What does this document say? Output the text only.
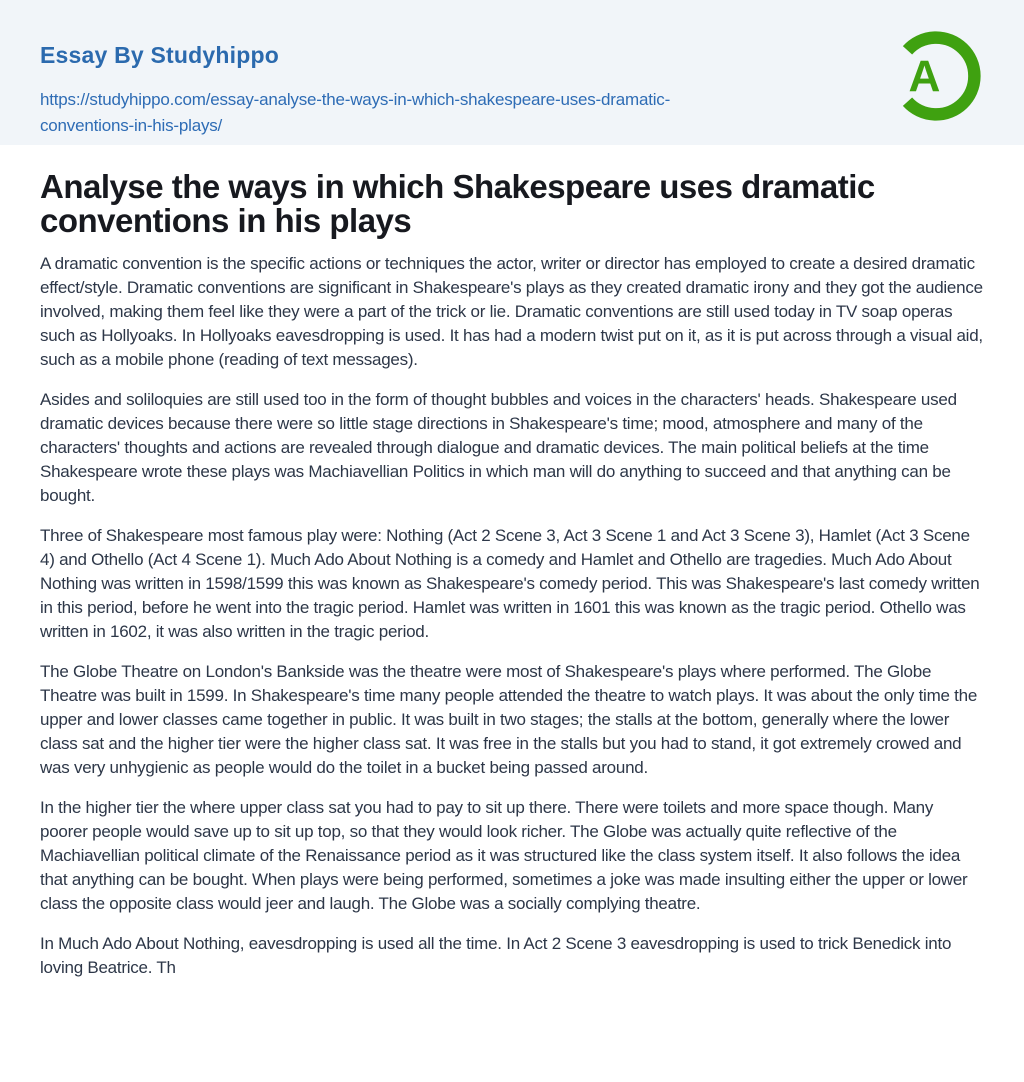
Essay By Studyhippo
https://studyhippo.com/essay-analyse-the-ways-in-which-shakespeare-uses-dramatic-conventions-in-his-plays/
A
Analyse the ways in which Shakespeare uses dramatic conventions in his plays

A dramatic convention is the specific actions or techniques the actor, writer or director has employed to create a desired dramatic effect/style. Dramatic conventions are significant in Shakespeare's plays as they created dramatic irony and they got the audience involved, making them feel like they were a part of the trick or lie. Dramatic conventions are still used today in TV soap operas such as Hollyoaks. In Hollyoaks eavesdropping is used. It has had a modern twist put on it, as it is put across through a visual aid, such as a mobile phone (reading of text messages).

Asides and soliloquies are still used too in the form of thought bubbles and voices in the characters' heads. Shakespeare used dramatic devices because there were so little stage directions in Shakespeare's time; mood, atmosphere and many of the characters' thoughts and actions are revealed through dialogue and dramatic devices. The main political beliefs at the time Shakespeare wrote these plays was Machiavellian Politics in which man will do anything to succeed and that anything can be bought.

Three of Shakespeare most famous play were: Nothing (Act 2 Scene 3, Act 3 Scene 1 and Act 3 Scene 3), Hamlet (Act 3 Scene 4) and Othello (Act 4 Scene 1). Much Ado About Nothing is a comedy and Hamlet and Othello are tragedies. Much Ado About Nothing was written in 1598/1599 this was known as Shakespeare's comedy period. This was Shakespeare's last comedy written in this period, before he went into the tragic period. Hamlet was written in 1601 this was known as the tragic period. Othello was written in 1602, it was also written in the tragic period.

The Globe Theatre on London's Bankside was the theatre were most of Shakespeare's plays where performed. The Globe Theatre was built in 1599. In Shakespeare's time many people attended the theatre to watch plays. It was about the only time the upper and lower classes came together in public. It was built in two stages; the stalls at the bottom, generally where the lower class sat and the higher tier were the higher class sat. It was free in the stalls but you had to stand, it got extremely crowed and was very unhygienic as people would do the toilet in a bucket being passed around.

In the higher tier the where upper class sat you had to pay to sit up there. There were toilets and more space though. Many poorer people would save up to sit up top, so that they would look richer. The Globe was actually quite reflective of the Machiavellian political climate of the Renaissance period as it was structured like the class system itself. It also follows the idea that anything can be bought. When plays were being performed, sometimes a joke was made insulting either the upper or lower class the opposite class would jeer and laugh. The Globe was a socially complying theatre.

In Much Ado About Nothing, eavesdropping is used all the time. In Act 2 Scene 3 eavesdropping is used to trick Benedick into loving Beatrice. Th
